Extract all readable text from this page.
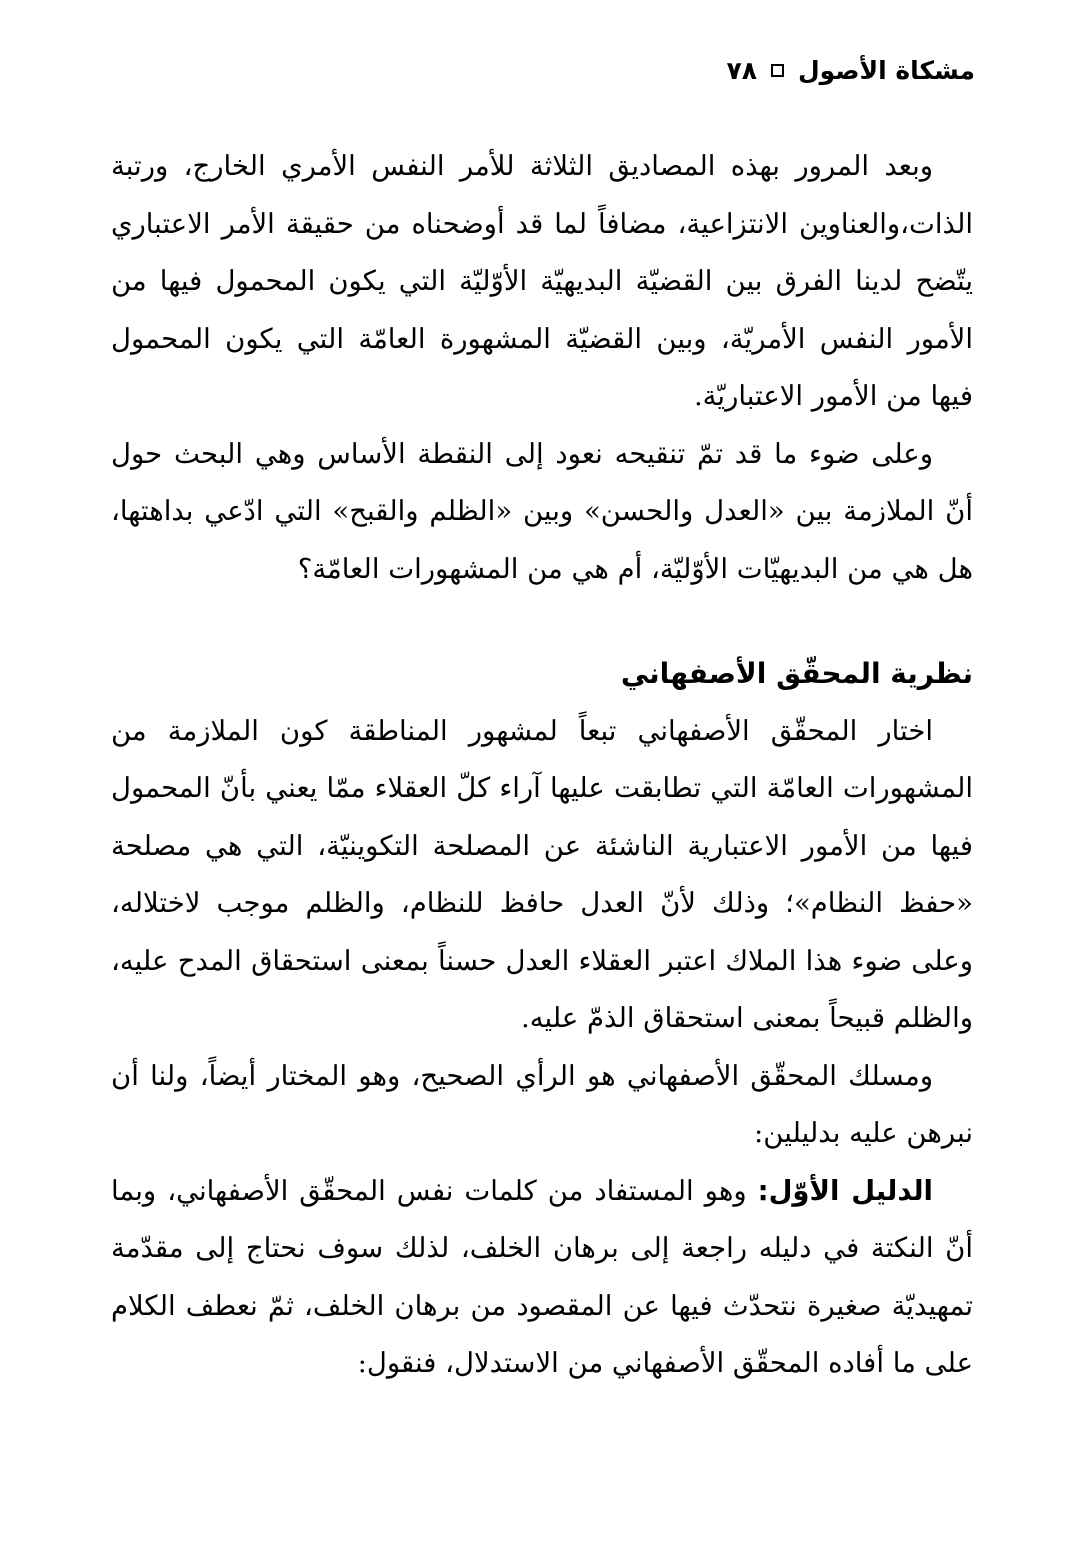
مشكاة الأصول
٧٨

وبعد المرور بهذه المصاديق الثلاثة للأمر النفس الأمري الخارج، ورتبة الذات،والعناوين الانتزاعية، مضافاً لما قد أوضحناه من حقيقة الأمر الاعتباري يتّضح لدينا الفرق بين القضيّة البديهيّة الأوّليّة التي يكون المحمول فيها من الأمور النفس الأمريّة، وبين القضيّة المشهورة العامّة التي يكون المحمول فيها من الأمور الاعتباريّة.

وعلى ضوء ما قد تمّ تنقيحه نعود إلى النقطة الأساس وهي البحث حول أنّ الملازمة بين «العدل والحسن» وبين «الظلم والقبح» التي ادّعي بداهتها، هل هي من البديهيّات الأوّليّة، أم هي من المشهورات العامّة؟

نظرية المحقّق الأصفهاني

اختار المحقّق الأصفهاني تبعاً لمشهور المناطقة كون الملازمة من المشهورات العامّة التي تطابقت عليها آراء كلّ العقلاء ممّا يعني بأنّ المحمول فيها من الأمور الاعتبارية الناشئة عن المصلحة التكوينيّة، التي هي مصلحة «حفظ النظام»؛ وذلك لأنّ العدل حافظ للنظام، والظلم موجب لاختلاله، وعلى ضوء هذا الملاك اعتبر العقلاء العدل حسناً بمعنى استحقاق المدح عليه، والظلم قبيحاً بمعنى استحقاق الذمّ عليه.

ومسلك المحقّق الأصفهاني هو الرأي الصحيح، وهو المختار أيضاً، ولنا أن نبرهن عليه بدليلين:

الدليل الأوّل: وهو المستفاد من كلمات نفس المحقّق الأصفهاني، وبما أنّ النكتة في دليله راجعة إلى برهان الخلف، لذلك سوف نحتاج إلى مقدّمة تمهيديّة صغيرة نتحدّث فيها عن المقصود من برهان الخلف، ثمّ نعطف الكلام على ما أفاده المحقّق الأصفهاني من الاستدلال، فنقول:
